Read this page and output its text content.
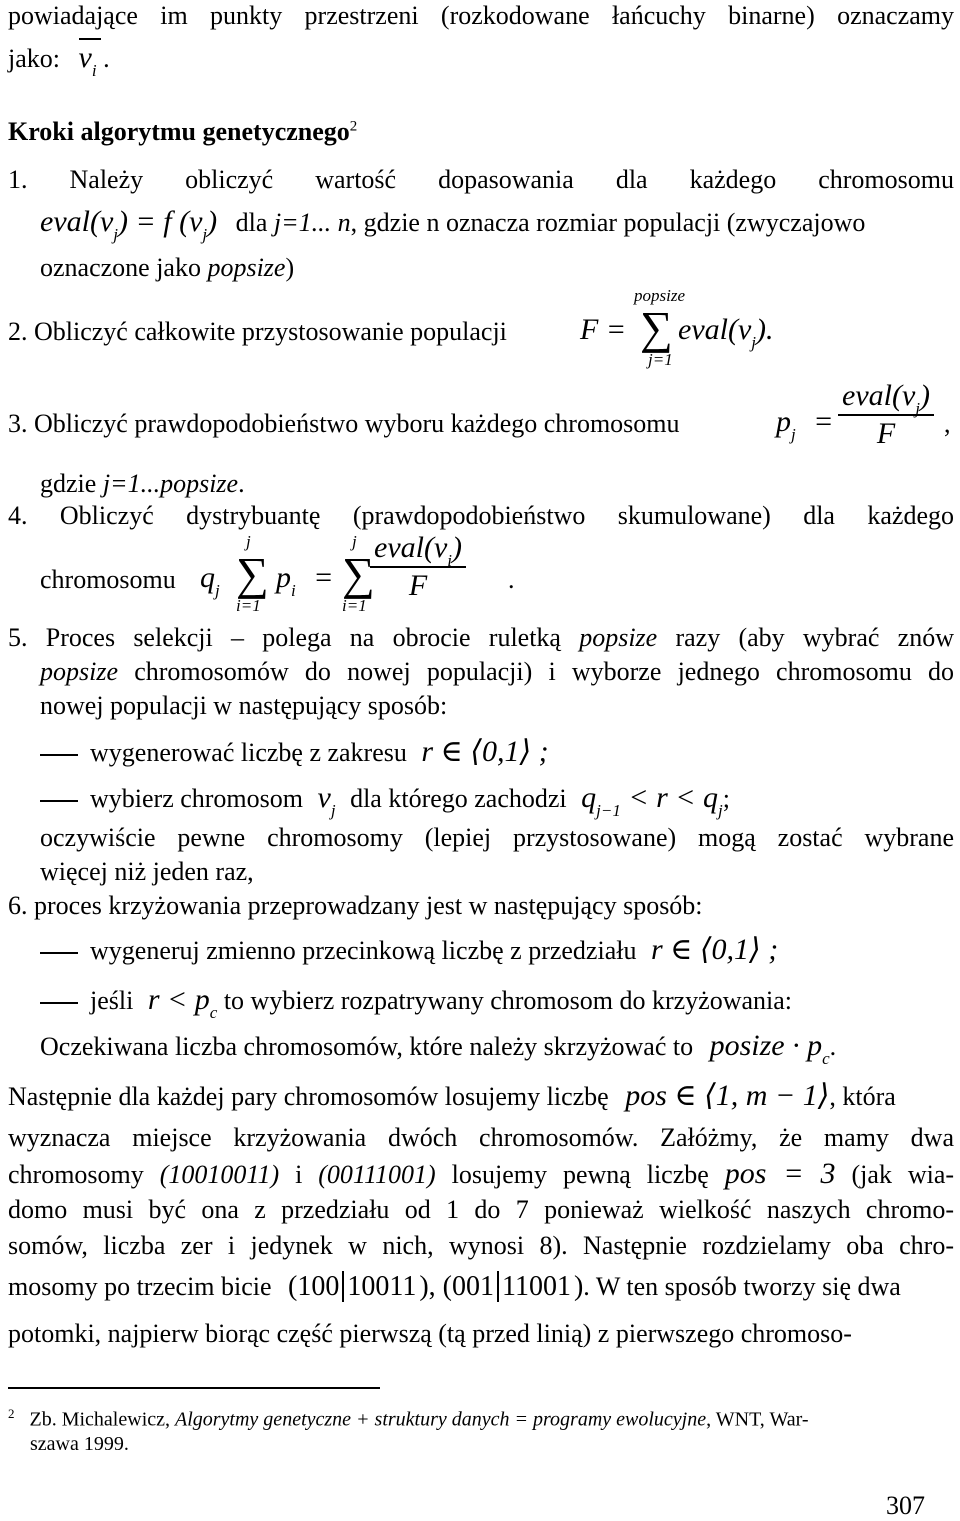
powiadające im punkty przestrzeni (rozkodowane łańcuchy binarne) oznaczamy
jako: $v_i$ .
Kroki algorytmu genetycznego$^2$
1. Należy obliczyć wartość dopasowania dla każdego chromosomu
$eval(v_j) = f$ $(v_j)$ dla j=1... n, gdzie n oznacza rozmiar populacji (zwyczajowo
oznaczone jako popsize)
2. Obliczyć całkowite przystosowanie populacji F =
popsize
∑
j=1
$eval(v_j)$.
3. Obliczyć prawdopodobieństwo wyboru każdego chromosomu	$p_j$ =
$eval(v_j)$
F	,
gdzie j=1...popsize.
4. Obliczyć dystrybuantę (prawdopodobieństwo skumulowane) dla każdego
chromosomu $q_j$
j
∑
i=1
$p_i$ =
j
∑
i=1
$eval(v_i)$
F	.
5. Proces selekcji – polega na obrocie ruletką popsize razy (aby wybrać znów
popsize chromosomów do nowej populacji) i wyborze jednego chromosomu do
nowej populacji w następujący sposób:
wygenerować liczbę z zakresu r ∈ ⟨0,1⟩ ;
wybierz chromosom $v_j$ dla którego zachodzi $q_{j-1} < r < q_j$;
oczywiście pewne chromosomy (lepiej przystosowane) mogą zostać wybrane
więcej niż jeden raz,
6. proces krzyżowania przeprowadzany jest w następujący sposób:
wygeneruj zmienno przecinkową liczbę z przedziału r ∈ ⟨0,1⟩ ;
jeśli $r < p_c$ to wybierz rozpatrywany chromosom do krzyżowania:
Oczekiwana liczba chromosomów, które należy skrzyżować to posize · $p_c$.
Następnie dla każdej pary chromosomów losujemy liczbę pos ∈ ⟨1, m − 1⟩, która
wyznacza miejsce krzyżowania dwóch chromosomów. Załóżmy, że mamy dwa
chromosomy (10010011) i (00111001) losujemy pewną liczbę pos = 3 (jak wia-
domo musi być ona z przedziału od 1 do 7 ponieważ wielkość naszych chromo-
somów, liczba zer i jedynek w nich, wynosi 8). Następnie rozdzielamy oba chro-
mosomy po trzecim bicie (100 10011 ), (001 11001 ). W ten sposób tworzy się dwa
potomki, najpierw biorąc część pierwszą (tą przed linią) z pierwszego chromoso-
$^2$ Zb. Michalewicz, Algorytmy genetyczne + struktury danych = programy ewolucyjne, WNT, War-
szawa 1999.
307
